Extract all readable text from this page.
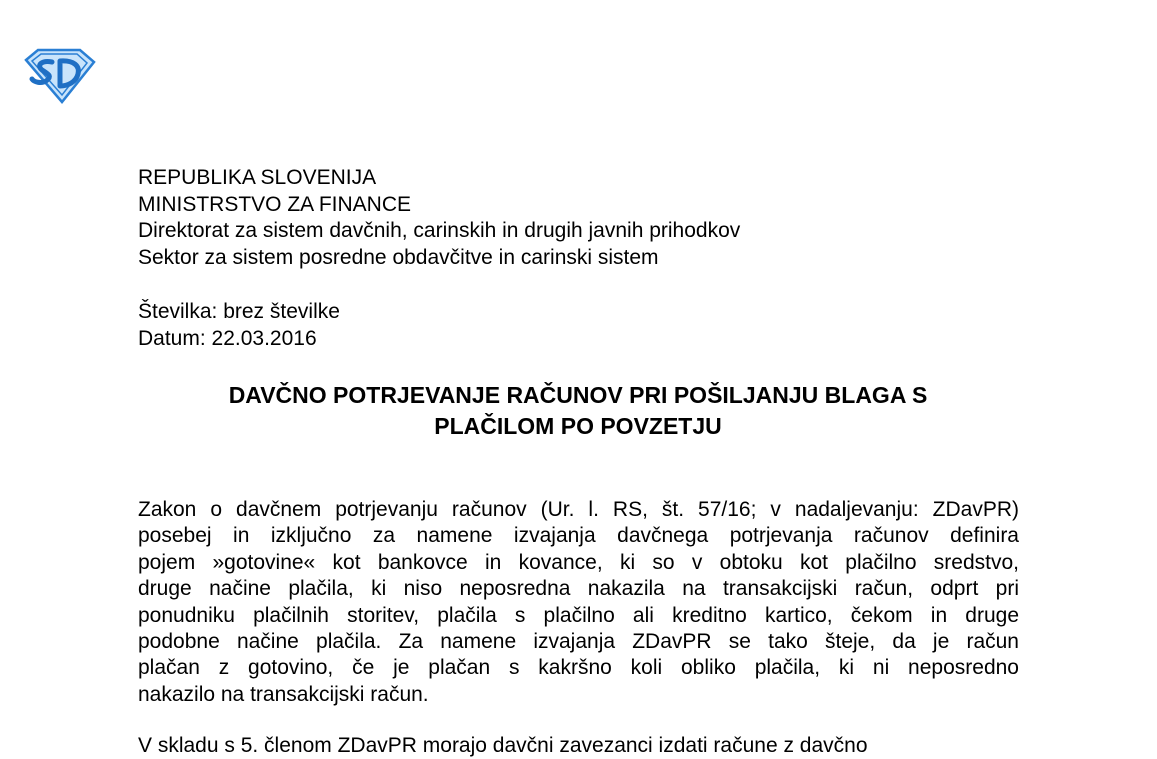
REPUBLIKA SLOVENIJA
MINISTRSTVO ZA FINANCE
Direktorat za sistem davčnih, carinskih in drugih javnih prihodkov
Sektor za sistem posredne obdavčitve in carinski sistem
Številka: brez številke
Datum: 22.03.2016
DAVČNO POTRJEVANJE RAČUNOV PRI POŠILJANJU BLAGA S
PLAČILOM PO POVZETJU
Zakon o davčnem potrjevanju računov (Ur. l. RS, št. 57/16; v nadaljevanju: ZDavPR)
posebej in izključno za namene izvajanja davčnega potrjevanja računov definira
pojem »gotovine« kot bankovce in kovance, ki so v obtoku kot plačilno sredstvo,
druge načine plačila, ki niso neposredna nakazila na transakcijski račun, odprt pri
ponudniku plačilnih storitev, plačila s plačilno ali kreditno kartico, čekom in druge
podobne načine plačila. Za namene izvajanja ZDavPR se tako šteje, da je račun
plačan z gotovino, če je plačan s kakršno koli obliko plačila, ki ni neposredno
nakazilo na transakcijski račun.
V skladu s 5. členom ZDavPR morajo davčni zavezanci izdati račune z davčno
